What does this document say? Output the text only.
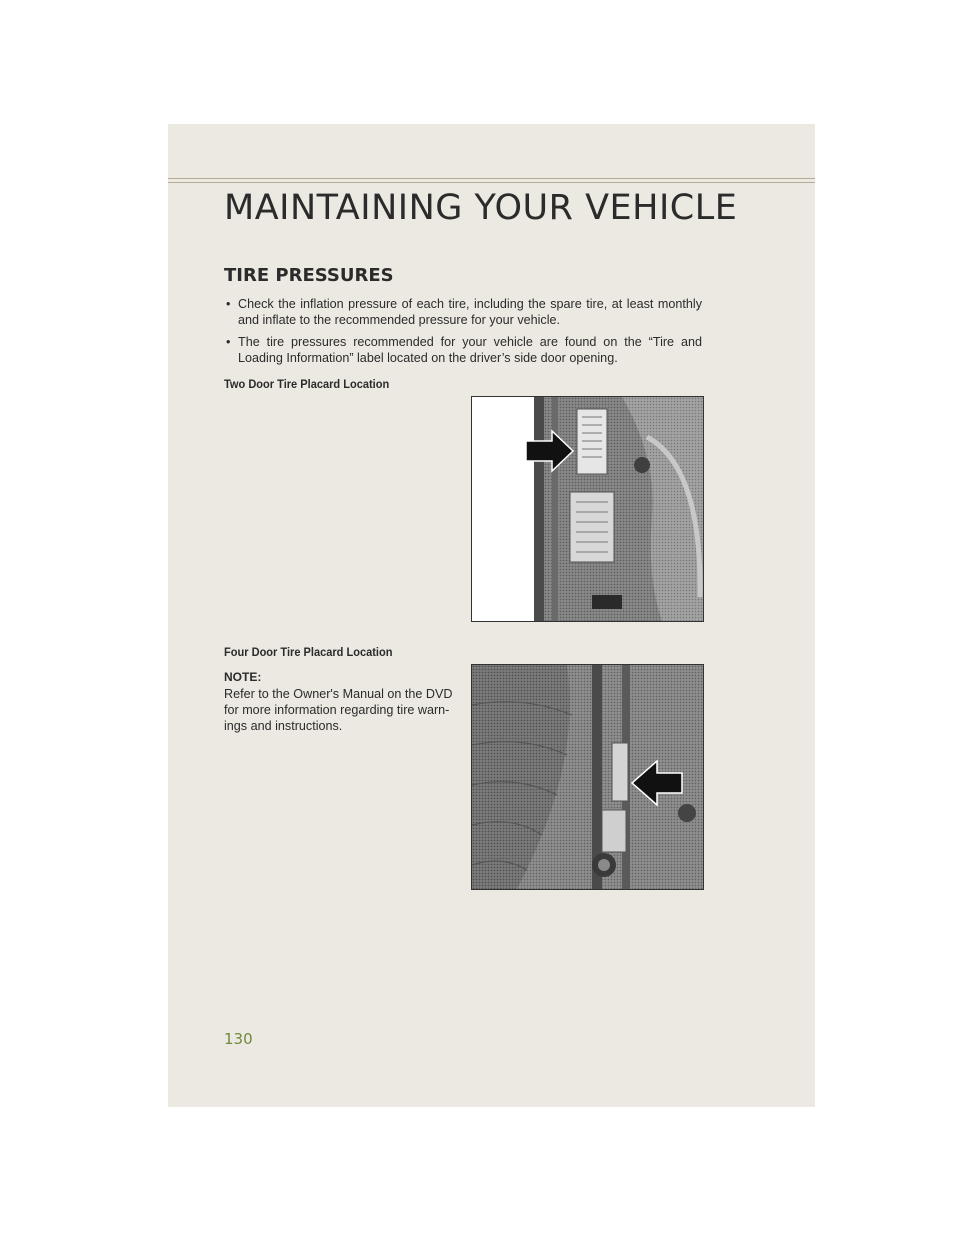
MAINTAINING YOUR VEHICLE
TIRE PRESSURES
• Check the inflation pressure of each tire, including the spare tire, at least monthly and inflate to the recommended pressure for your vehicle.
• The tire pressures recommended for your vehicle are found on the “Tire and Loading Information” label located on the driver’s side door opening.

Two Door Tire Placard Location

Four Door Tire Placard Location

NOTE:
Refer to the Owner's Manual on the DVD for more information regarding tire warn-ings and instructions.
130
